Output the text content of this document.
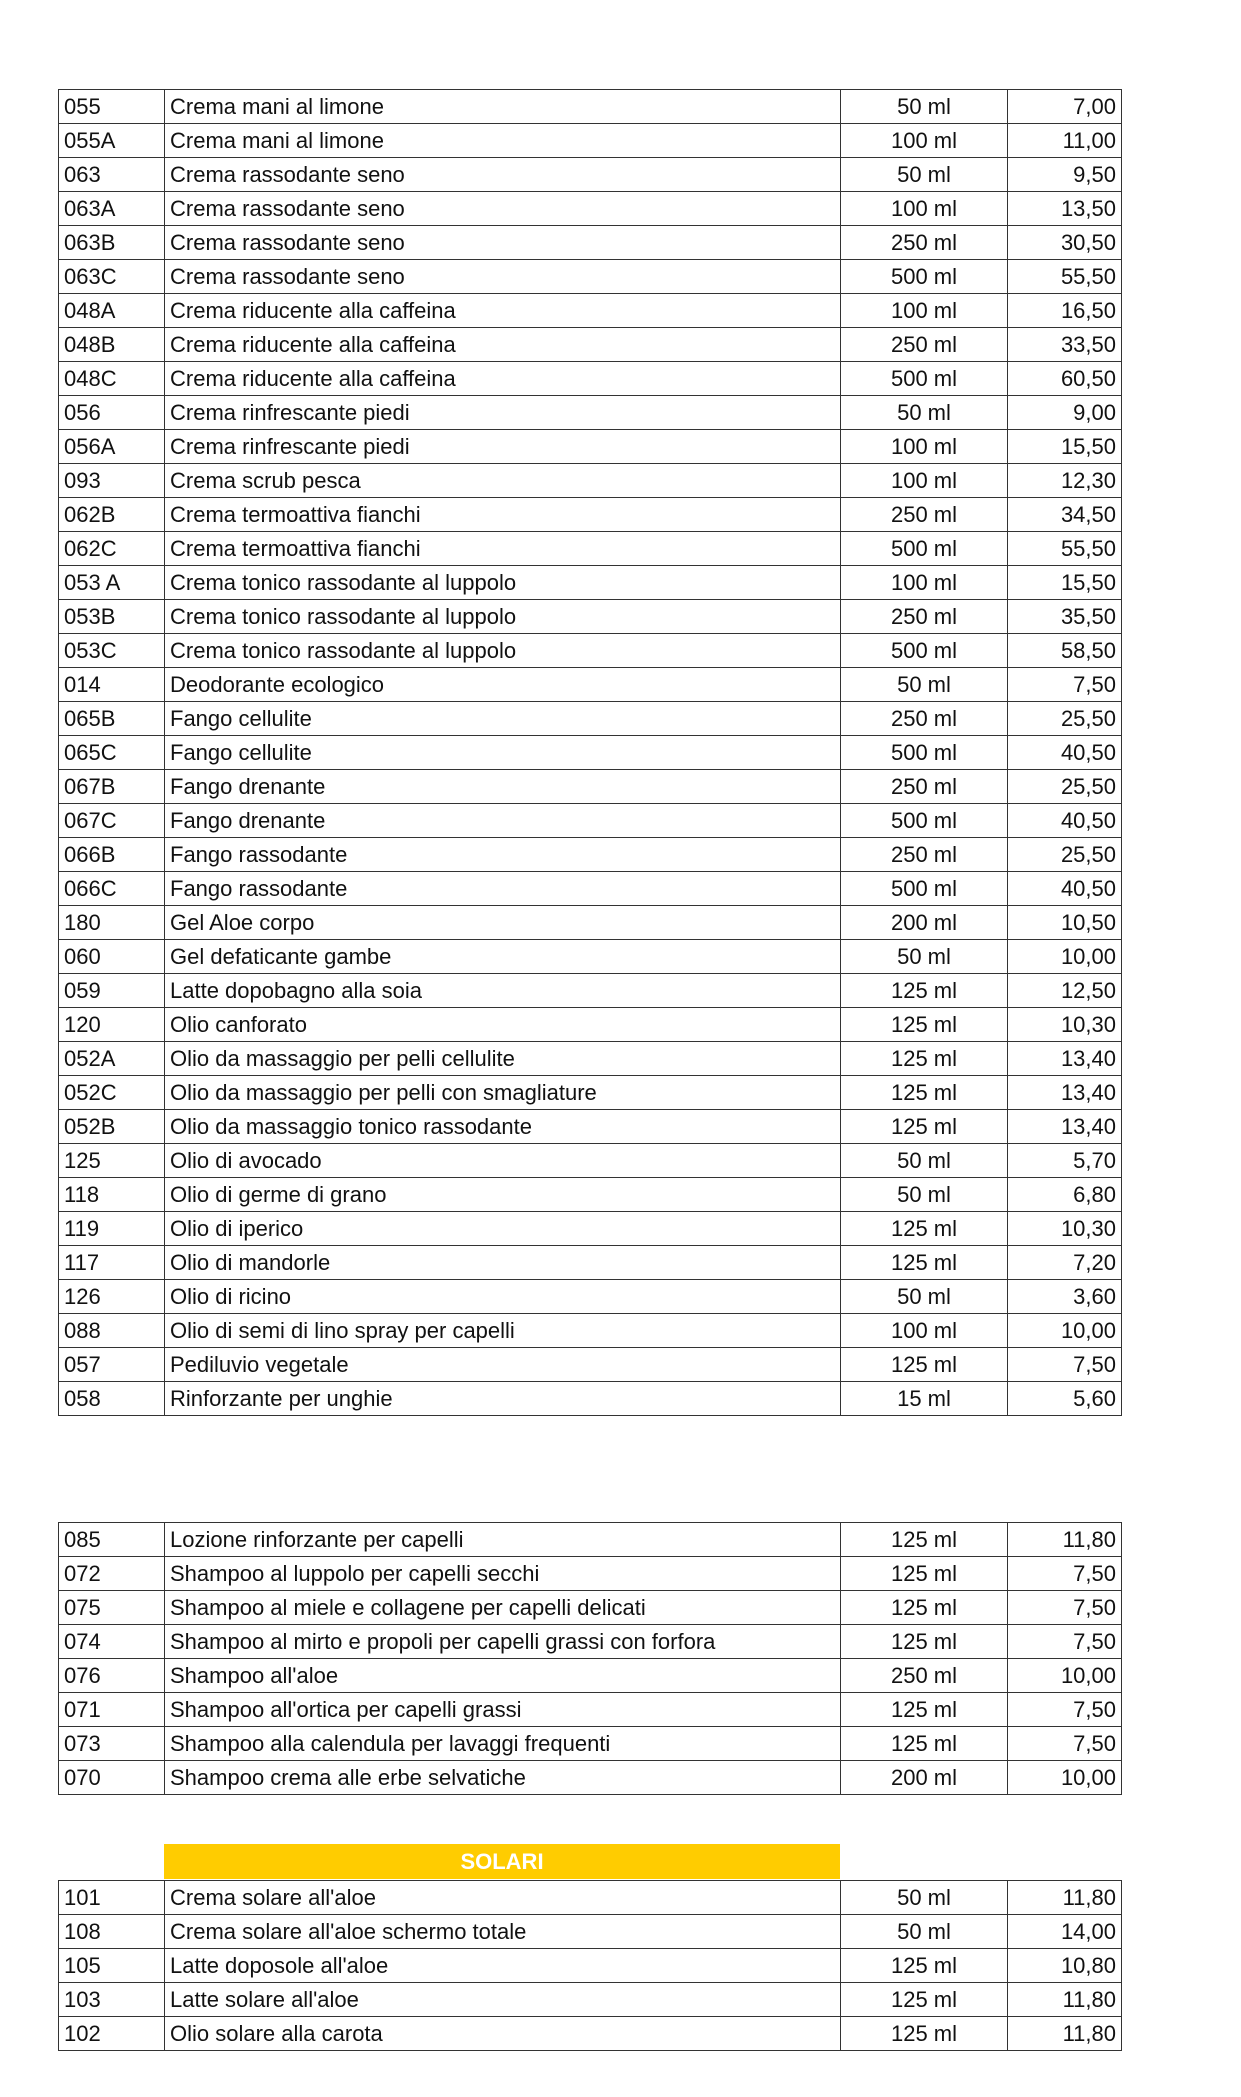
055	Crema mani al limone	50 ml	7,00
055A	Crema mani al limone	100 ml	11,00
063	Crema rassodante seno	50 ml	9,50
063A	Crema rassodante seno	100 ml	13,50
063B	Crema rassodante seno	250 ml	30,50
063C	Crema rassodante seno	500 ml	55,50
048A	Crema riducente alla caffeina	100 ml	16,50
048B	Crema riducente alla caffeina	250 ml	33,50
048C	Crema riducente alla caffeina	500 ml	60,50
056	Crema rinfrescante piedi	50 ml	9,00
056A	Crema rinfrescante piedi	100 ml	15,50
093	Crema scrub pesca	100 ml	12,30
062B	Crema termoattiva fianchi	250 ml	34,50
062C	Crema termoattiva fianchi	500 ml	55,50
053 A	Crema tonico rassodante al luppolo	100 ml	15,50
053B	Crema tonico rassodante al luppolo	250 ml	35,50
053C	Crema tonico rassodante al luppolo	500 ml	58,50
014	Deodorante ecologico	50 ml	7,50
065B	Fango cellulite	250 ml	25,50
065C	Fango cellulite	500 ml	40,50
067B	Fango drenante	250 ml	25,50
067C	Fango drenante	500 ml	40,50
066B	Fango rassodante	250 ml	25,50
066C	Fango rassodante	500 ml	40,50
180	Gel Aloe corpo	200 ml	10,50
060	Gel defaticante gambe	50 ml	10,00
059	Latte dopobagno alla soia	125 ml	12,50
120	Olio canforato	125 ml	10,30
052A	Olio da massaggio per pelli cellulite	125 ml	13,40
052C	Olio da massaggio per pelli con smagliature	125 ml	13,40
052B	Olio da massaggio tonico rassodante	125 ml	13,40
125	Olio di avocado	50 ml	5,70
118	Olio di germe di grano	50 ml	6,80
119	Olio di iperico	125 ml	10,30
117	Olio di mandorle	125 ml	7,20
126	Olio di ricino	50 ml	3,60
088	Olio di semi di lino spray per capelli	100 ml	10,00
057	Pediluvio vegetale	125 ml	7,50
058	Rinforzante per unghie	15 ml	5,60
085	Lozione rinforzante per capelli	125 ml	11,80
072	Shampoo al luppolo per capelli secchi	125 ml	7,50
075	Shampoo al miele e collagene per capelli delicati	125 ml	7,50
074	Shampoo al mirto e propoli per capelli grassi con forfora	125 ml	7,50
076	Shampoo all'aloe	250 ml	10,00
071	Shampoo all'ortica per capelli grassi	125 ml	7,50
073	Shampoo alla calendula per lavaggi frequenti	125 ml	7,50
070	Shampoo crema alle erbe selvatiche	200 ml	10,00
SOLARI
101	Crema solare all'aloe	50 ml	11,80
108	Crema solare all'aloe schermo totale	50 ml	14,00
105	Latte doposole all'aloe	125 ml	10,80
103	Latte solare all'aloe	125 ml	11,80
102	Olio solare alla carota	125 ml	11,80
